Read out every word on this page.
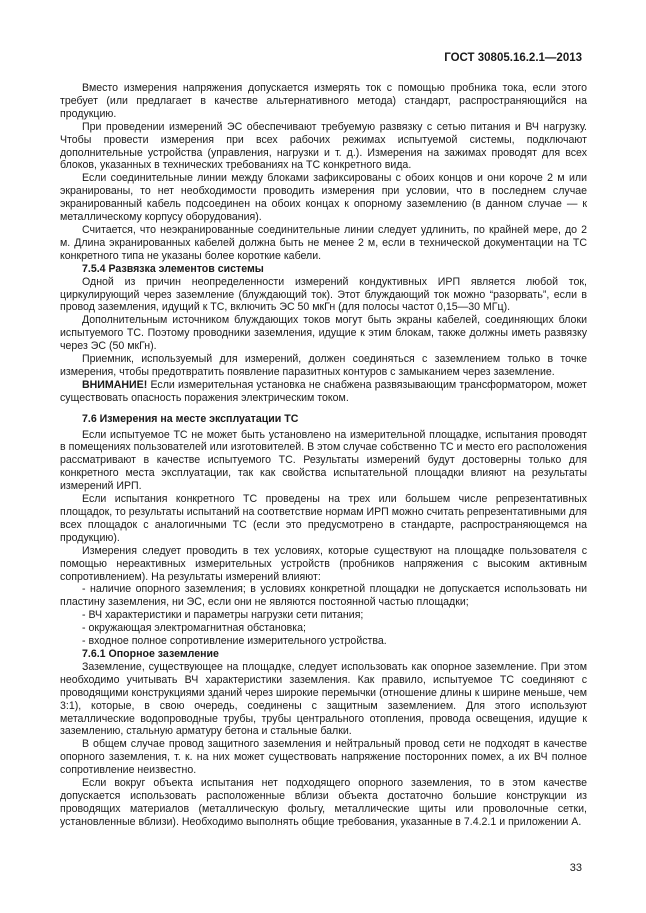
ГОСТ 30805.16.2.1—2013

Вместо измерения напряжения допускается измерять ток с помощью пробника тока, если этого требует (или предлагает в качестве альтернативного метода) стандарт, распространяющийся на продукцию.

При проведении измерений ЭС обеспечивают требуемую развязку с сетью питания и ВЧ нагрузку. Чтобы провести измерения при всех рабочих режимах испытуемой системы, подключают дополнительные устройства (управления, нагрузки и т. д.). Измерения на зажимах проводят для всех блоков, указанных в технических требованиях на ТС конкретного вида.

Если соединительные линии между блоками зафиксированы с обоих концов и они короче 2 м или экранированы, то нет необходимости проводить измерения при условии, что в последнем случае экранированный кабель подсоединен на обоих концах к опорному заземлению (в данном случае — к металлическому корпусу оборудования).

Считается, что неэкранированные соединительные линии следует удлинить, по крайней мере, до 2 м. Длина экранированных кабелей должна быть не менее 2 м, если в технической документации на ТС конкретного типа не указаны более короткие кабели.

7.5.4 Развязка элементов системы

Одной из причин неопределенности измерений кондуктивных ИРП является любой ток, циркулирующий через заземление (блуждающий ток). Этот блуждающий ток можно “разорвать”, если в провод заземления, идущий к ТС, включить ЭС 50 мкГн (для полосы частот 0,15—30 МГц).

Дополнительным источником блуждающих токов могут быть экраны кабелей, соединяющих блоки испытуемого ТС. Поэтому проводники заземления, идущие к этим блокам, также должны иметь развязку через ЭС (50 мкГн).

Приемник, используемый для измерений, должен соединяться с заземлением только в точке измерения, чтобы предотвратить появление паразитных контуров с замыканием через заземление.

ВНИМАНИЕ! Если измерительная установка не снабжена развязывающим трансформатором, может существовать опасность поражения электрическим током.

7.6 Измерения на месте эксплуатации ТС

Если испытуемое ТС не может быть установлено на измерительной площадке, испытания проводят в помещениях пользователей или изготовителей. В этом случае собственно ТС и место его расположения рассматривают в качестве испытуемого ТС. Результаты измерений будут достоверны только для конкретного места эксплуатации, так как свойства испытательной площадки влияют на результаты измерений ИРП.

Если испытания конкретного ТС проведены на трех или большем числе репрезентативных площадок, то результаты испытаний на соответствие нормам ИРП можно считать репрезентативными для всех площадок с аналогичными ТС (если это предусмотрено в стандарте, распространяющемся на продукцию).

Измерения следует проводить в тех условиях, которые существуют на площадке пользователя с помощью нереактивных измерительных устройств (пробников напряжения с высоким активным сопротивлением). На результаты измерений влияют:

- наличие опорного заземления; в условиях конкретной площадки не допускается использовать ни пластину заземления, ни ЭС, если они не являются постоянной частью площадки;

- ВЧ характеристики и параметры нагрузки сети питания;

- окружающая электромагнитная обстановка;

- входное полное сопротивление измерительного устройства.

7.6.1 Опорное заземление

Заземление, существующее на площадке, следует использовать как опорное заземление. При этом необходимо учитывать ВЧ характеристики заземления. Как правило, испытуемое ТС соединяют с проводящими конструкциями зданий через широкие перемычки (отношение длины к ширине меньше, чем 3:1), которые, в свою очередь, соединены с защитным заземлением. Для этого используют металлические водопроводные трубы, трубы центрального отопления, провода освещения, идущие к заземлению, стальную арматуру бетона и стальные балки.

В общем случае провод защитного заземления и нейтральный провод сети не подходят в качестве опорного заземления, т. к. на них может существовать напряжение посторонних помех, а их ВЧ полное сопротивление неизвестно.

Если вокруг объекта испытания нет подходящего опорного заземления, то в этом качестве допускается использовать расположенные вблизи объекта достаточно большие конструкции из проводящих материалов (металлическую фольгу, металлические щиты или проволочные сетки, установленные вблизи). Необходимо выполнять общие требования, указанные в 7.4.2.1 и приложении А.

33
